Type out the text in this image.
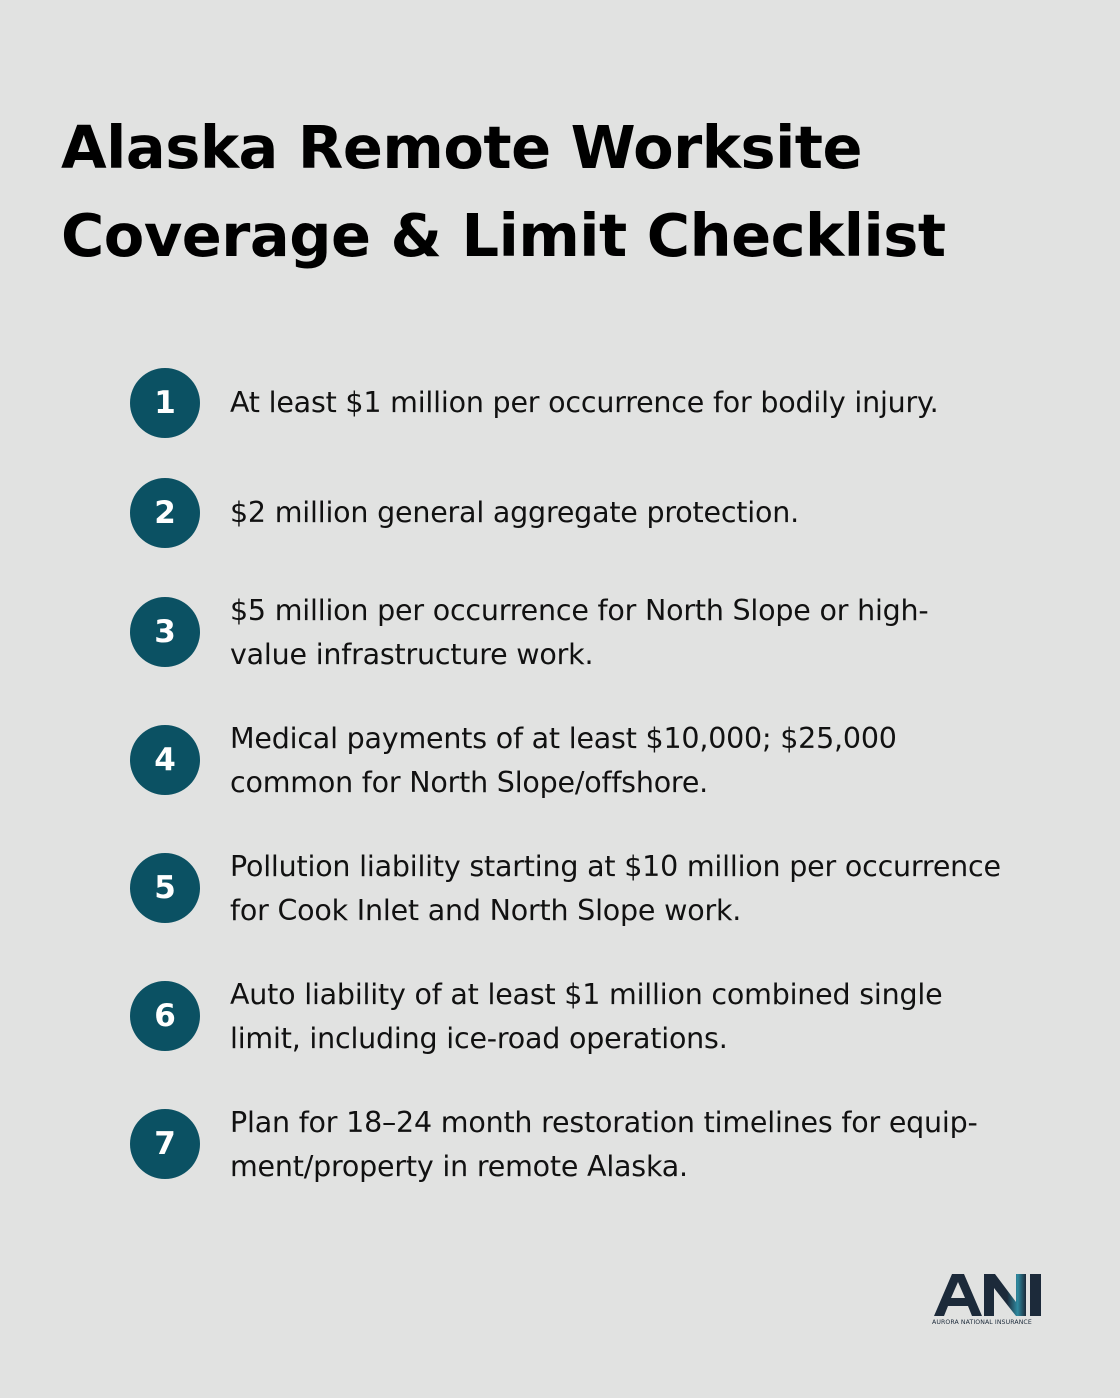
Alaska Remote Worksite
Coverage & Limit Checklist
1	At least $1 million per occurrence for bodily injury.
2	$2 million general aggregate protection.
3
$5 million per occurrence for North Slope or high-
value infrastructure work.
4
Medical payments of at least $10,000; $25,000
common for North Slope/offshore.
5
Pollution liability starting at $10 million per occurrence
for Cook Inlet and North Slope work.
6
Auto liability of at least $1 million combined single
limit, including ice-road operations.
7
Plan for 18–24 month restoration timelines for equip-
ment/property in remote Alaska.
AURORA NATIONAL INSURANCE
